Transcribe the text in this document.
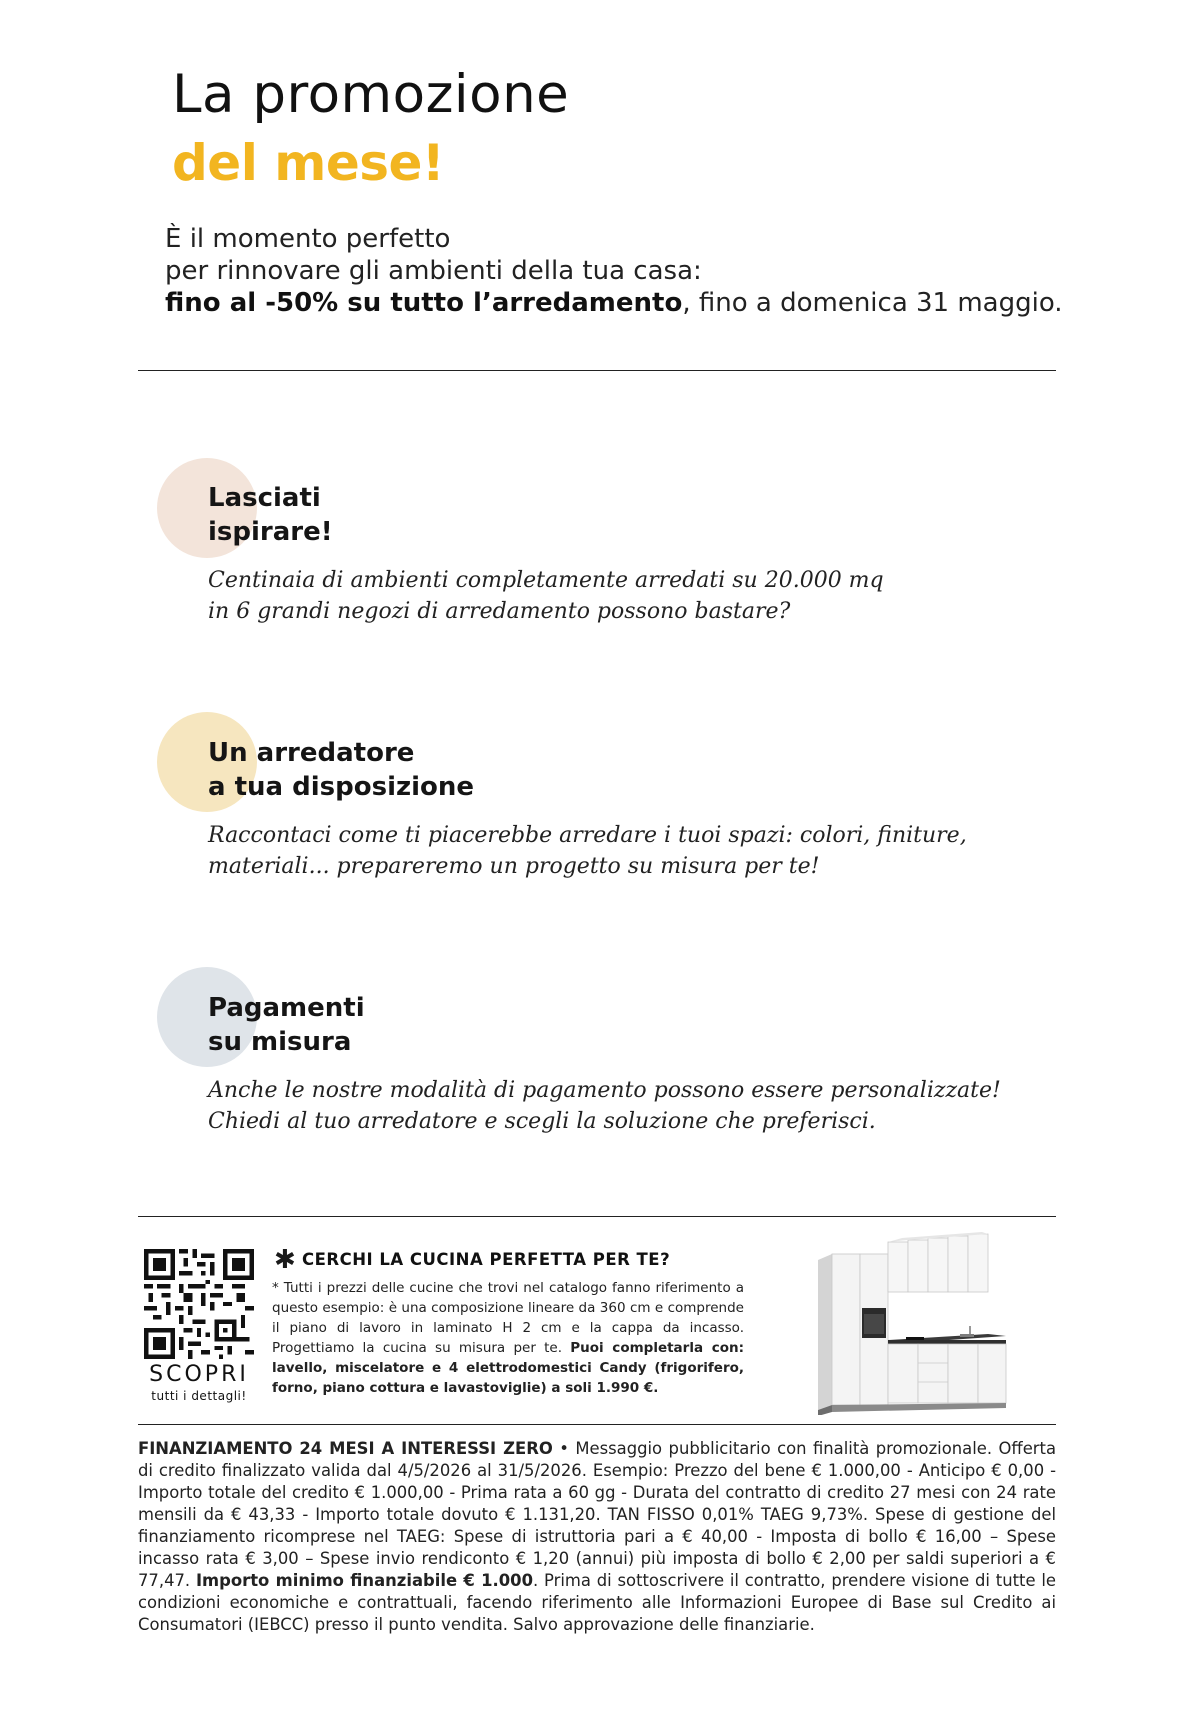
La promozione
del mese!

È il momento perfetto

per rinnovare gli ambienti della tua casa:

fino al -50% su tutto l’arredamento, fino a domenica 31 maggio.

Lasciati

ispirare!

Centinaia di ambienti completamente arredati su 20.000 mq

in 6 grandi negozi di arredamento possono bastare?

Un arredatore

a tua disposizione

Raccontaci come ti piacerebbe arredare i tuoi spazi: colori, finiture,

materiali... prepareremo un progetto su misura per te!

Pagamenti

su misura

Anche le nostre modalità di pagamento possono essere personalizzate!

Chiedi al tuo arredatore e scegli la soluzione che preferisci.

SCOPRI
tutti i dettagli!
✱ CERCHI LA CUCINA PERFETTA PER TE?
* Tutti i prezzi delle cucine che trovi nel catalogo fanno riferimento a questo esempio: è una composizione lineare da 360 cm e comprende il piano di lavoro in laminato H 2 cm e la cappa da incasso. Progettiamo la cucina su misura per te. Puoi completarla con: lavello, miscelatore e 4 elettrodomestici Candy (frigorifero, forno, piano cottura e lavastoviglie) a soli 1.990 €.
FINANZIAMENTO 24 MESI A INTERESSI ZERO • Messaggio pubblicitario con finalità promozionale. Offerta di credito finalizzato valida dal 4/5/2026 al 31/5/2026. Esempio: Prezzo del bene € 1.000,00 - Anticipo € 0,00 - Importo totale del credito € 1.000,00 - Prima rata a 60 gg - Durata del contratto di credito 27 mesi con 24 rate mensili da € 43,33 - Importo totale dovuto € 1.131,20. TAN FISSO 0,01% TAEG 9,73%. Spese di gestione del finanziamento ricomprese nel TAEG: Spese di istruttoria pari a € 40,00 - Imposta di bollo € 16,00 – Spese incasso rata € 3,00 – Spese invio rendiconto € 1,20 (annui) più imposta di bollo € 2,00 per saldi superiori a € 77,47. Importo minimo finanziabile € 1.000. Prima di sottoscrivere il contratto, prendere visione di tutte le condizioni economiche e contrattuali, facendo riferimento alle Informazioni Europee di Base sul Credito ai Consumatori (IEBCC) presso il punto vendita. Salvo approvazione delle finanziarie.
